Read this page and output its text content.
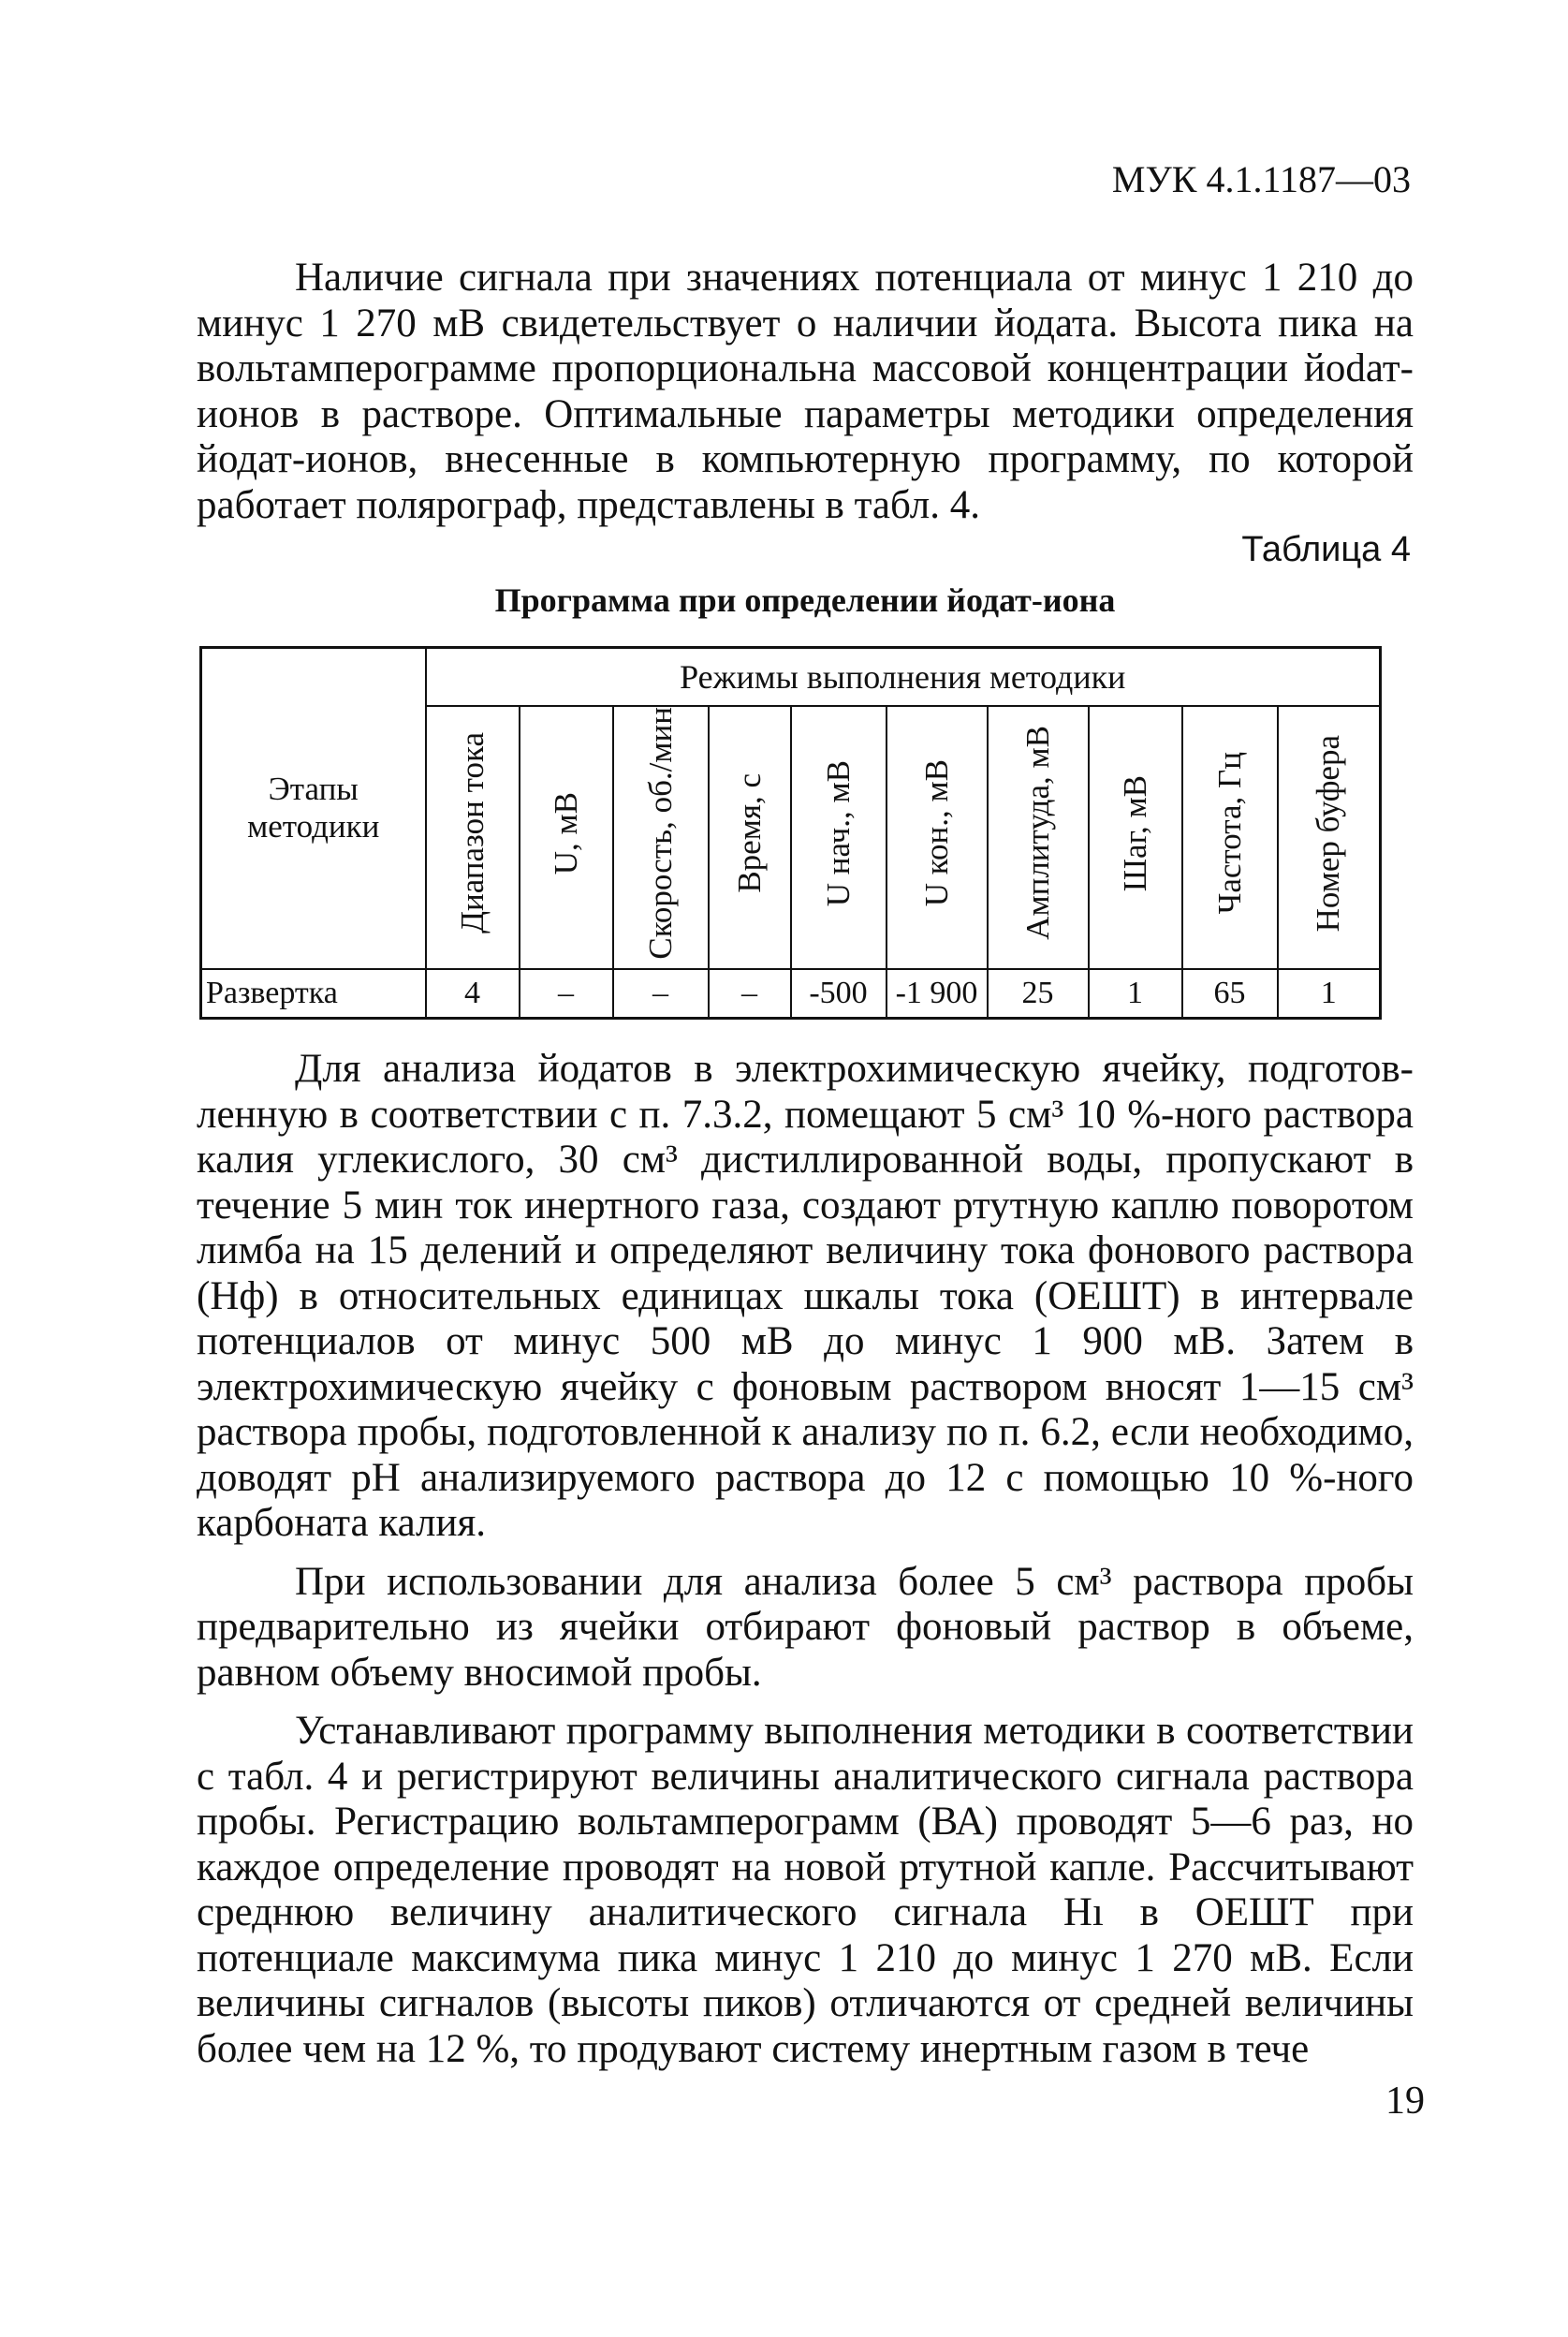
МУК 4.1.1187—03

Наличие сигнала при значениях потенциала от минус 1 210 до минус 1 270 мВ свидетельствует о наличии йодата. Высота пика на вольтамперограмме пропорциональна массовой концентрации йоdат-ионов в растворе. Оптимальные параметры методики определения йодат-ионов, внесенные в компьютерную программу, по которой работает полярограф, представлены в табл. 4.

Таблица 4
Программа при определении йодат-иона
Этапы методики	Режимы выполнения методики									
	Диапазон тока	U, мВ	Скорость, об./мин	Время, с	U нач., мВ	U кон., мВ	Амплитуда, мВ	Шаг, мВ	Частота, Гц	Номер буфера
Развертка	4	–	–	–	-500	-1 900	25	1	65	1

Для анализа йодатов в электрохимическую ячейку, подготовленную в соответствии с п. 7.3.2, помещают 5 см³ 10 %-ного раствора калия углекислого, 30 см³ дистиллированной воды, пропускают в течение 5 мин ток инертного газа, создают ртутную каплю поворотом лимба на 15 делений и определяют величину тока фонового раствора (Нф) в относительных единицах шкалы тока (ОЕШТ) в интервале потенциалов от минус 500 мВ до минус 1 900 мВ. Затем в электрохимическую ячейку с фоновым раствором вносят 1—15 см³ раствора пробы, подготовленной к анализу по п. 6.2, если необходимо, доводят рН анализируемого раствора до 12 с помощью 10 %-ного карбоната калия.

При использовании для анализа более 5 см³ раствора пробы предварительно из ячейки отбирают фоновый раствор в объеме, равном объему вносимой пробы.

Устанавливают программу выполнения методики в соответствии с табл. 4 и регистрируют величины аналитического сигнала раствора пробы. Регистрацию вольтамперограмм (ВА) проводят 5—6 раз, но каждое определение проводят на новой ртутной капле. Рассчитывают среднюю величину аналитического сигнала Hı в ОЕШТ при потенциале максимума пика минус 1 210 до минус 1 270 мВ. Если величины сигналов (высоты пиков) отличаются от средней величины более чем на 12 %, то продувают систему инертным газом в тече

19
